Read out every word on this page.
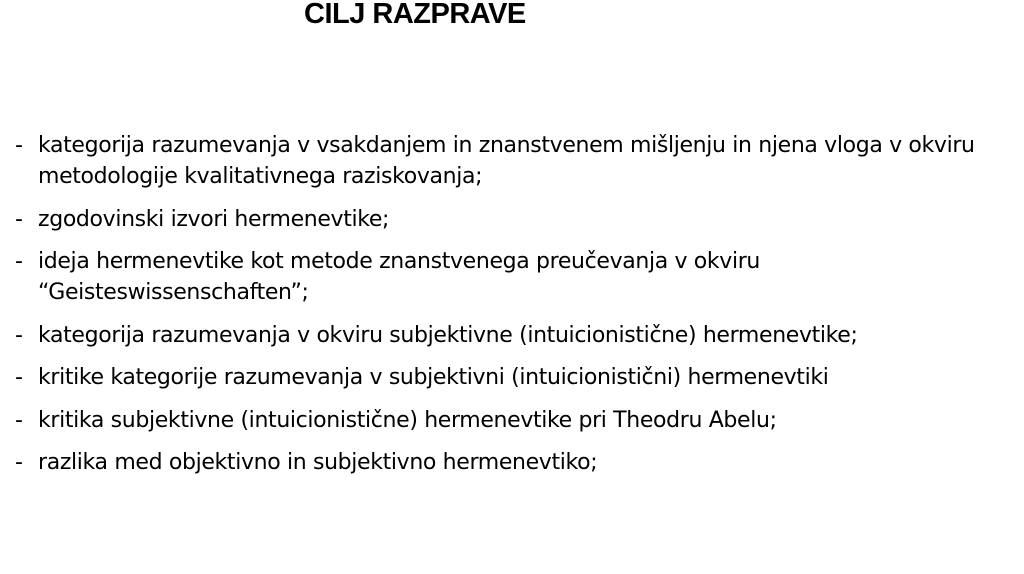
CILJ RAZPRAVE
- kategorija razumevanja v vsakdanjem in znanstvenem mišljenju in njena vloga v okviru metodologije kvalitativnega raziskovanja;
- zgodovinski izvori hermenevtike;
- ideja hermenevtike kot metode znanstvenega preučevanja v okviru “Geisteswissenschaften”;
- kategorija razumevanja v okviru subjektivne (intuicionistične) hermenevtike;
- kritike kategorije razumevanja v subjektivni (intuicionistični) hermenevtiki
- kritika subjektivne (intuicionistične) hermenevtike pri Theodru Abelu;
- razlika med objektivno in subjektivno hermenevtiko;
